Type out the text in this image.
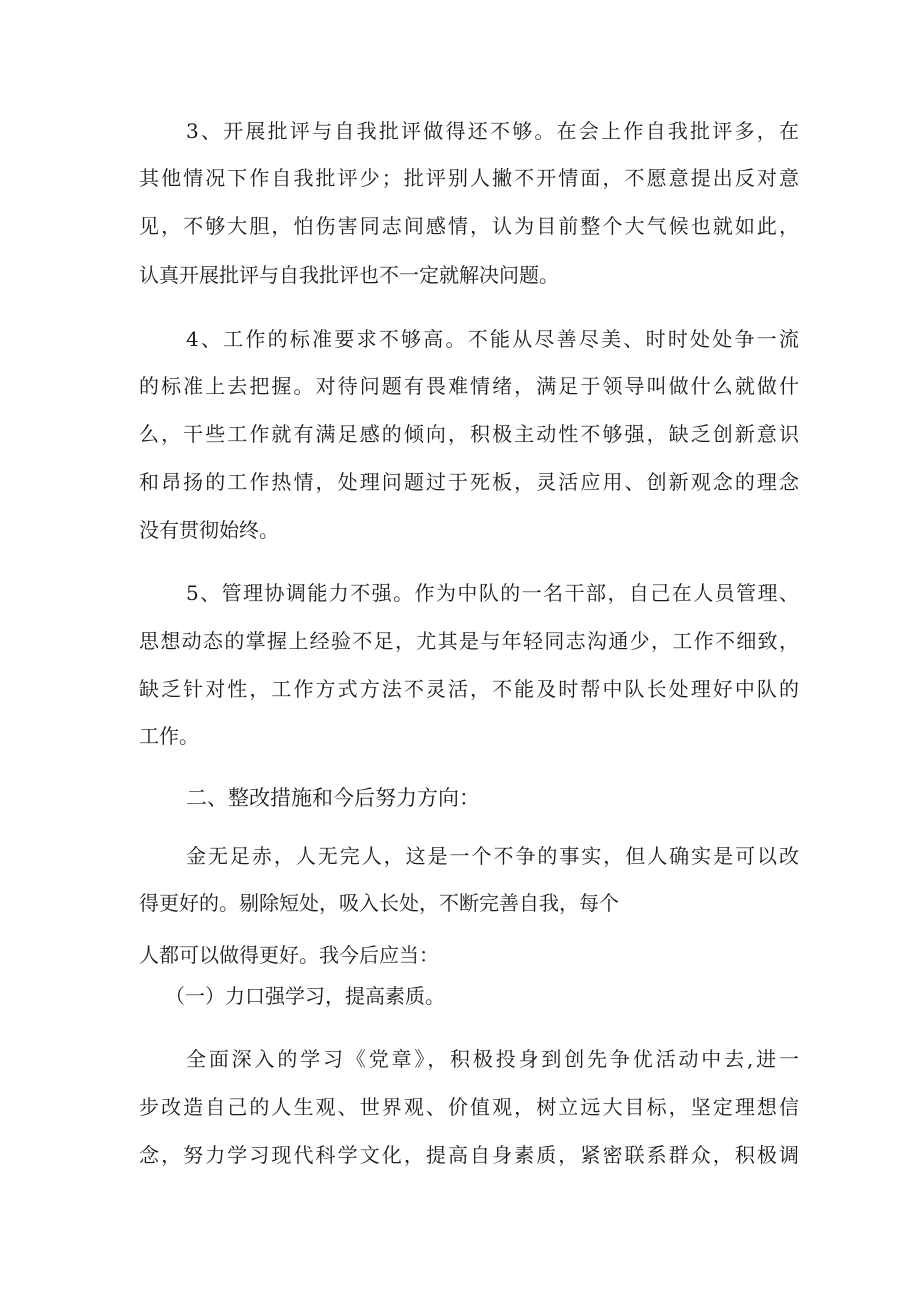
3、开展批评与自我批评做得还不够。在会上作自我批评多，在
其他情况下作自我批评少；批评别人撇不开情面，不愿意提出反对意
见，不够大胆，怕伤害同志间感情，认为目前整个大气候也就如此，
认真开展批评与自我批评也不一定就解决问题。
4、工作的标准要求不够高。不能从尽善尽美、时时处处争一流
的标准上去把握。对待问题有畏难情绪，满足于领导叫做什么就做什
么，干些工作就有满足感的倾向，积极主动性不够强，缺乏创新意识
和昂扬的工作热情，处理问题过于死板，灵活应用、创新观念的理念
没有贯彻始终。
5、管理协调能力不强。作为中队的一名干部，自己在人员管理、
思想动态的掌握上经验不足，尤其是与年轻同志沟通少，工作不细致，
缺乏针对性，工作方式方法不灵活，不能及时帮中队长处理好中队的
工作。
二、整改措施和今后努力方向：
金无足赤，人无完人，这是一个不争的事实，但人确实是可以改
得更好的。剔除短处，吸入长处，不断完善自我，每个
人都可以做得更好。我今后应当：
（一）力口强学习，提高素质。
全面深入的学习《党章》，积极投身到创先争优活动中去,进一
步改造自己的人生观、世界观、价值观，树立远大目标，坚定理想信
念，努力学习现代科学文化，提高自身素质，紧密联系群众，积极调
